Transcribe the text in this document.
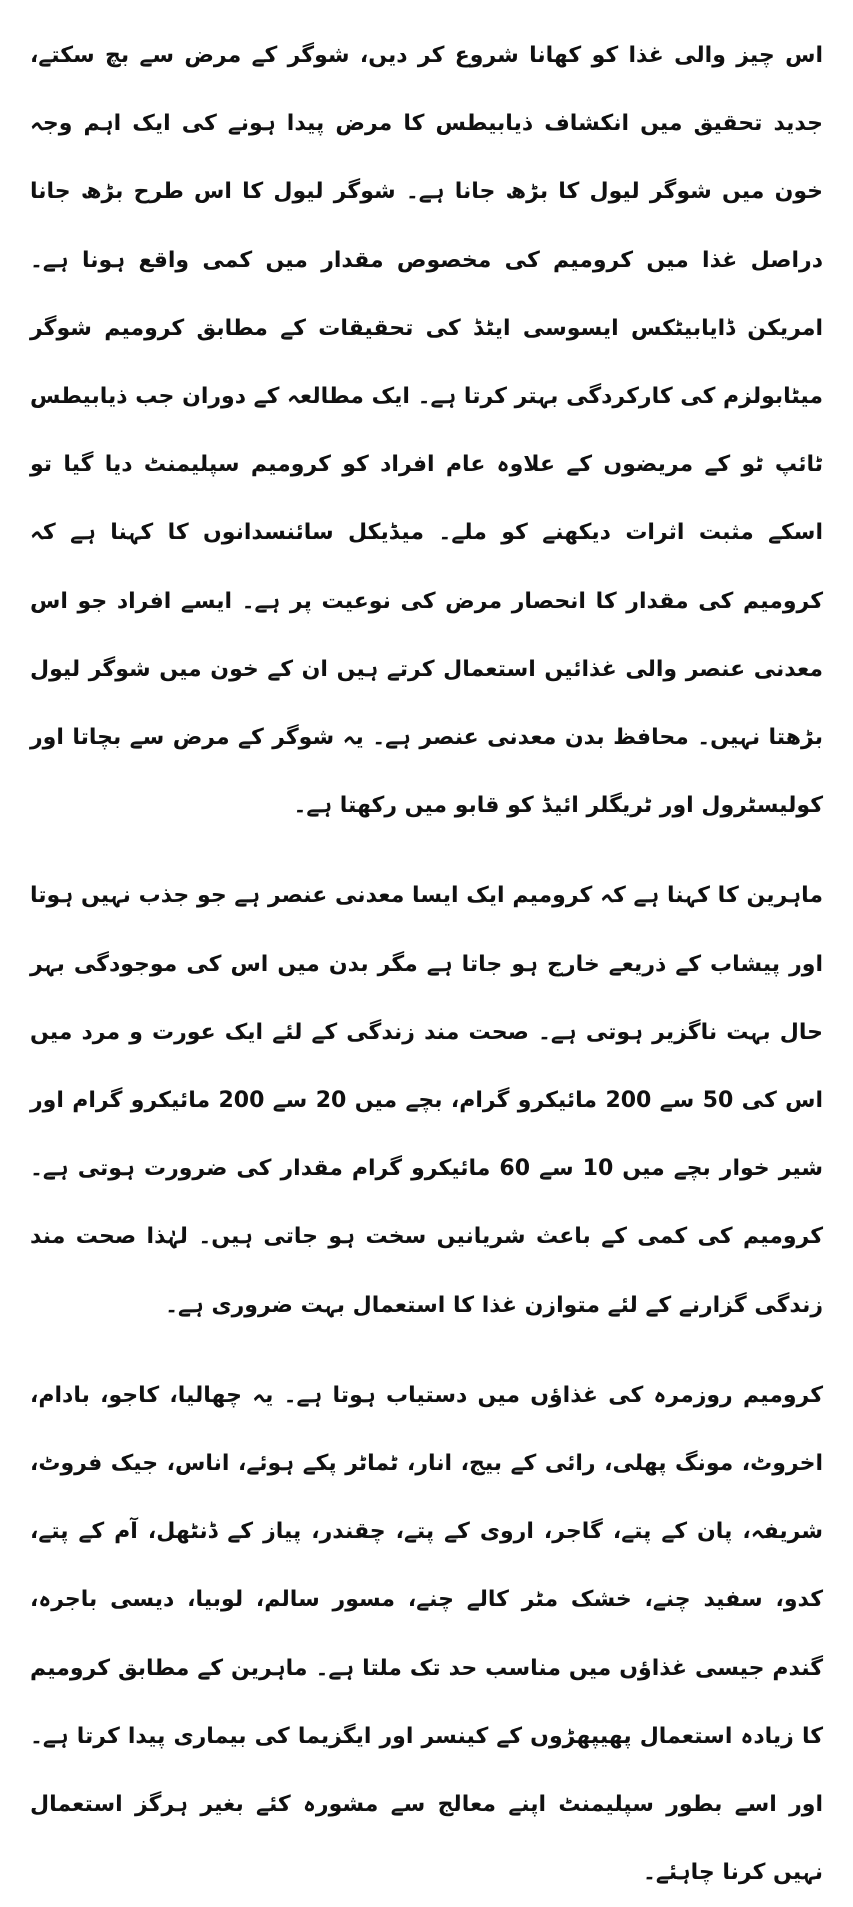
اس چیز والی غذا کو کھانا شروع کر دیں، شوگر کے مرض سے بچ سکتے، جدید تحقیق میں انکشاف ذیابیطس کا مرض پیدا ہونے کی ایک اہم وجہ خون میں شوگر لیول کا بڑھ جانا ہے۔ شوگر لیول کا اس طرح بڑھ جانا دراصل غذا میں کرومیم کی مخصوص مقدار میں کمی واقع ہونا ہے۔ امریکن ڈایابیٹکس ایسوسی ایٹڈ کی تحقیقات کے مطابق کرومیم شوگر میٹابولزم کی کارکردگی بہتر کرتا ہے۔ ایک مطالعہ کے دوران جب ذیابیطس ٹائپ ٹو کے مریضوں کے علاوہ عام افراد کو کرومیم سپلیمنٹ دیا گیا تو اسکے مثبت اثرات دیکھنے کو ملے۔ میڈیکل سائنسدانوں کا کہنا ہے کہ کرومیم کی مقدار کا انحصار مرض کی نوعیت پر ہے۔ ایسے افراد جو اس معدنی عنصر والی غذائیں استعمال کرتے ہیں ان کے خون میں شوگر لیول بڑھتا نہیں۔ محافظ بدن معدنی عنصر ہے۔ یہ شوگر کے مرض سے بچاتا اور کولیسٹرول اور ٹریگلر ائیڈ کو قابو میں رکھتا ہے۔

ماہرین کا کہنا ہے کہ کرومیم ایک ایسا معدنی عنصر ہے جو جذب نہیں ہوتا اور پیشاب کے ذریعے خارج ہو جاتا ہے مگر بدن میں اس کی موجودگی بہر حال بہت ناگزیر ہوتی ہے۔ صحت مند زندگی کے لئے ایک عورت و مرد میں اس کی 50 سے 200 مائیکرو گرام، بچے میں 20 سے 200 مائیکرو گرام اور شیر خوار بچے میں 10 سے 60 مائیکرو گرام مقدار کی ضرورت ہوتی ہے۔ کرومیم کی کمی کے باعث شریانیں سخت ہو جاتی ہیں۔ لہٰذا صحت مند زندگی گزارنے کے لئے متوازن غذا کا استعمال بہت ضروری ہے۔

کرومیم روزمرہ کی غذاؤں میں دستیاب ہوتا ہے۔ یہ چھالیا، کاجو، بادام، اخروٹ، مونگ پھلی، رائی کے بیج، انار، ٹماٹر پکے ہوئے، اناس، جیک فروٹ، شریفہ، پان کے پتے، گاجر، اروی کے پتے، چقندر، پیاز کے ڈنٹھل، آم کے پتے، کدو، سفید چنے، خشک مٹر کالے چنے، مسور سالم، لوبیا، دیسی باجرہ، گندم جیسی غذاؤں میں مناسب حد تک ملتا ہے۔ ماہرین کے مطابق کرومیم کا زیادہ استعمال پھیپھڑوں کے کینسر اور ایگزیما کی بیماری پیدا کرتا ہے۔ اور اسے بطور سپلیمنٹ اپنے معالج سے مشورہ کئے بغیر ہرگز استعمال نہیں کرنا چاہئے۔
